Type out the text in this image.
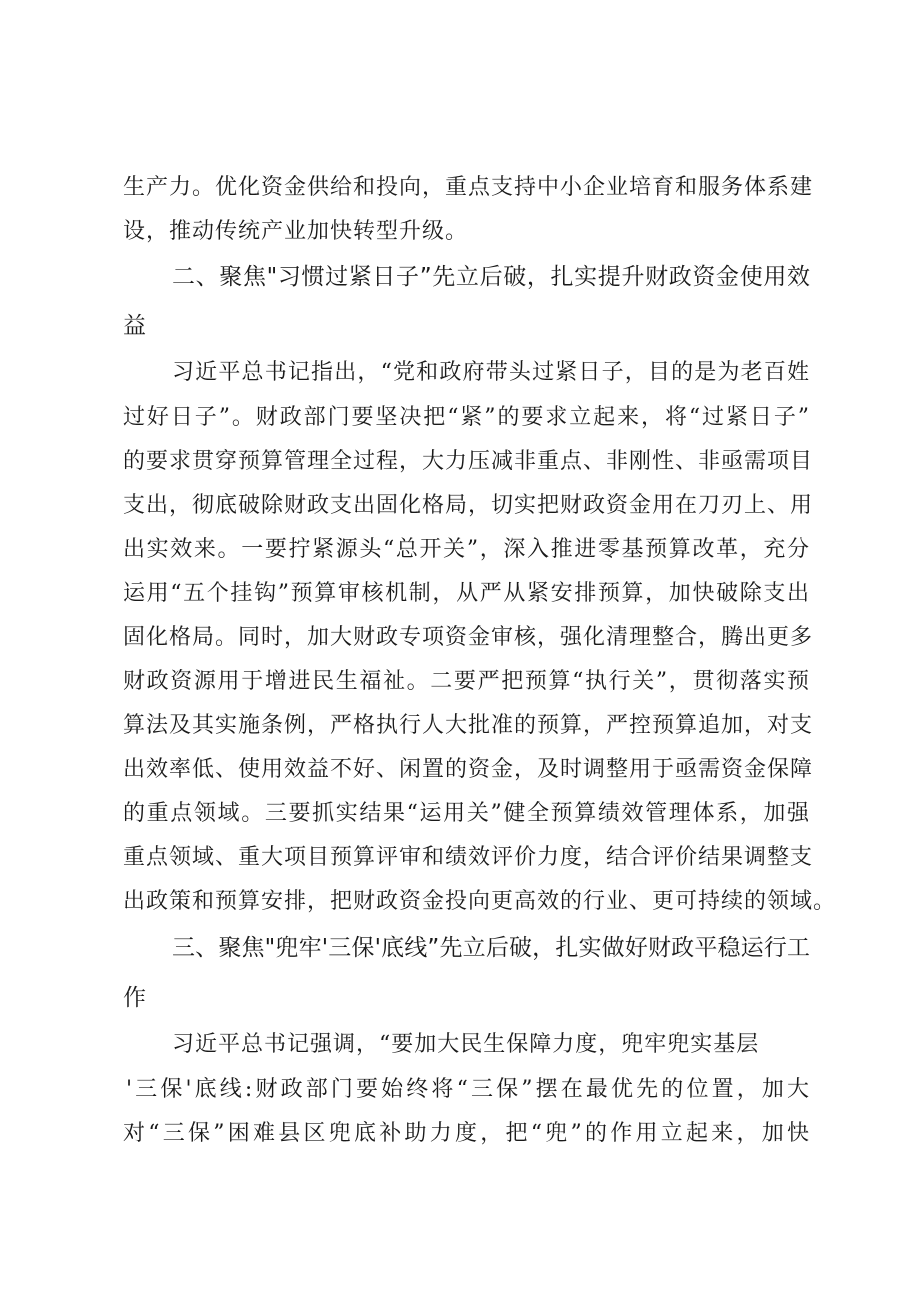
生产力。优化资金供给和投向，重点支持中小企业培育和服务体系建

设，推动传统产业加快转型升级。

二、聚焦"习惯过紧日子”先立后破，扎实提升财政资金使用效

益

习近平总书记指出，“党和政府带头过紧日子，目的是为老百姓

过好日子”。财政部门要坚决把“紧”的要求立起来，将“过紧日子”

的要求贯穿预算管理全过程，大力压减非重点、非刚性、非亟需项目

支出，彻底破除财政支出固化格局，切实把财政资金用在刀刃上、用

出实效来。一要拧紧源头“总开关”，深入推进零基预算改革，充分

运用“五个挂钩”预算审核机制，从严从紧安排预算，加快破除支出

固化格局。同时，加大财政专项资金审核，强化清理整合，腾出更多

财政资源用于增进民生福祉。二要严把预算“执行关”，贯彻落实预

算法及其实施条例，严格执行人大批准的预算，严控预算追加，对支

出效率低、使用效益不好、闲置的资金，及时调整用于亟需资金保障

的重点领域。三要抓实结果“运用关”健全预算绩效管理体系，加强

重点领域、重大项目预算评审和绩效评价力度，结合评价结果调整支

出政策和预算安排，把财政资金投向更高效的行业、更可持续的领域。

三、聚焦"兜牢'三保'底线”先立后破，扎实做好财政平稳运行工

作

习近平总书记强调，“要加大民生保障力度，兜牢兜实基层

'三保'底线:财政部门要始终将“三保”摆在最优先的位置，加大

对“三保”困难县区兜底补助力度，把“兜”的作用立起来，加快
